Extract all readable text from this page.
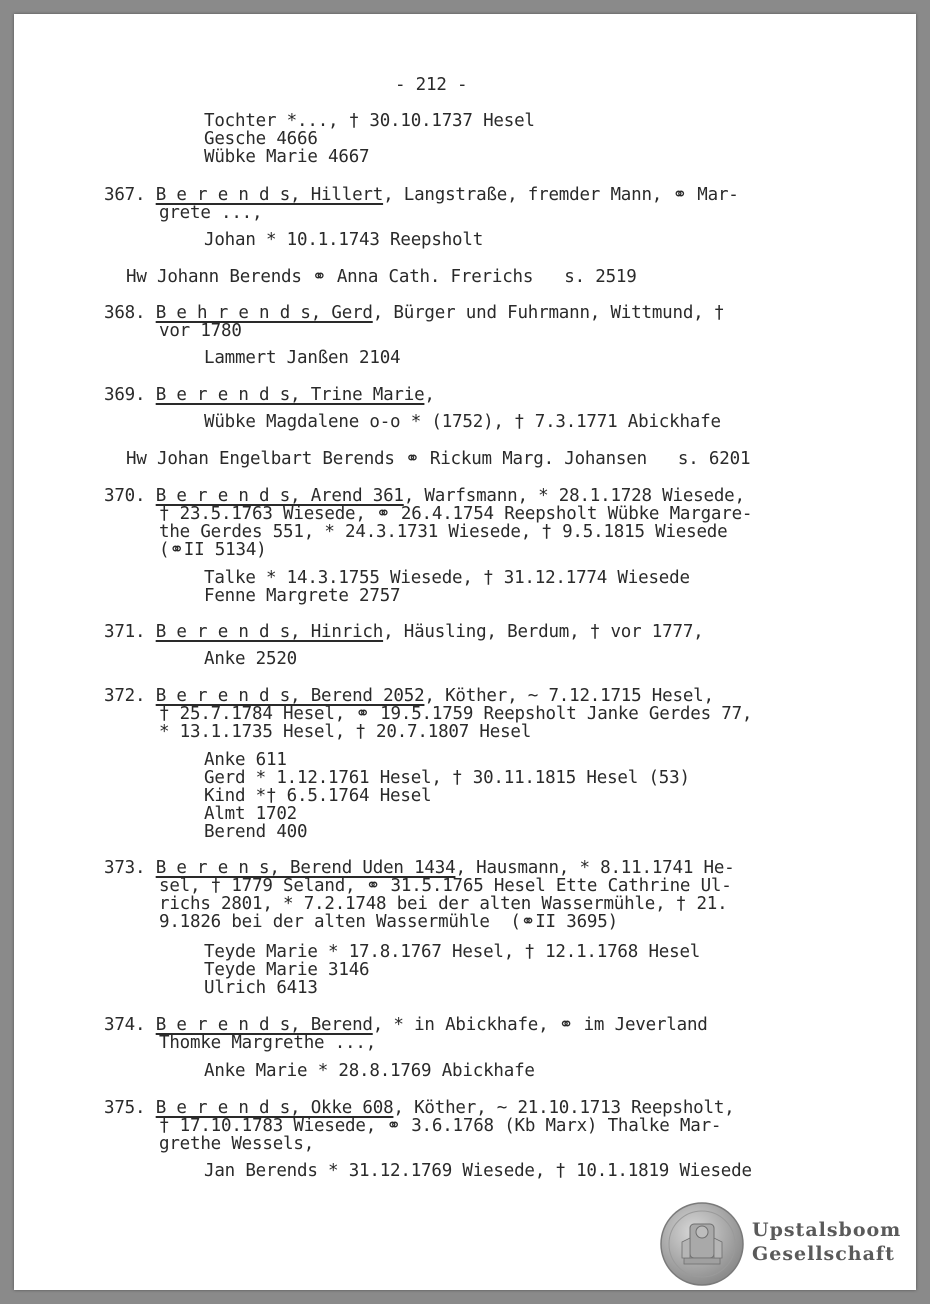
- 212 -
Tochter *..., † 30.10.1737 Hesel
Gesche 4666
Wübke Marie 4667
367. B e r e n d s, Hillert, Langstraße, fremder Mann, ⚭ Mar-
grete ...,
Johan * 10.1.1743 Reepsholt
Hw Johann Berends ⚭ Anna Cath. Frerichs   s. 2519
368. B e h r e n d s, Gerd, Bürger und Fuhrmann, Wittmund, †
vor 1780
Lammert Janßen 2104
369. B e r e n d s, Trine Marie,
Wübke Magdalene o-o * (1752), † 7.3.1771 Abickhafe
Hw Johan Engelbart Berends ⚭ Rickum Marg. Johansen   s. 6201
370. B e r e n d s, Arend 361, Warfsmann, * 28.1.1728 Wiesede,
† 23.5.1763 Wiesede, ⚭ 26.4.1754 Reepsholt Wübke Margare-
the Gerdes 551, * 24.3.1731 Wiesede, † 9.5.1815 Wiesede
(⚭II 5134)
Talke * 14.3.1755 Wiesede, † 31.12.1774 Wiesede
Fenne Margrete 2757
371. B e r e n d s, Hinrich, Häusling, Berdum, † vor 1777,
Anke 2520
372. B e r e n d s, Berend 2052, Köther, ~ 7.12.1715 Hesel,
† 25.7.1784 Hesel, ⚭ 19.5.1759 Reepsholt Janke Gerdes 77,
* 13.1.1735 Hesel, † 20.7.1807 Hesel
Anke 611
Gerd * 1.12.1761 Hesel, † 30.11.1815 Hesel (53)
Kind *† 6.5.1764 Hesel
Almt 1702
Berend 400
373. B e r e n s, Berend Uden 1434, Hausmann, * 8.11.1741 He-
sel, † 1779 Seland, ⚭ 31.5.1765 Hesel Ette Cathrine Ul-
richs 2801, * 7.2.1748 bei der alten Wassermühle, † 21.
9.1826 bei der alten Wassermühle  (⚭II 3695)
Teyde Marie * 17.8.1767 Hesel, † 12.1.1768 Hesel
Teyde Marie 3146
Ulrich 6413
374. B e r e n d s, Berend, * in Abickhafe, ⚭ im Jeverland
Thomke Margrethe ...,
Anke Marie * 28.8.1769 Abickhafe
375. B e r e n d s, Okke 608, Köther, ~ 21.10.1713 Reepsholt,
† 17.10.1783 Wiesede, ⚭ 3.6.1768 (Kb Marx) Thalke Mar-
grethe Wessels,
Jan Berends * 31.12.1769 Wiesede, † 10.1.1819 Wiesede
Upstalsboom
Gesellschaft
